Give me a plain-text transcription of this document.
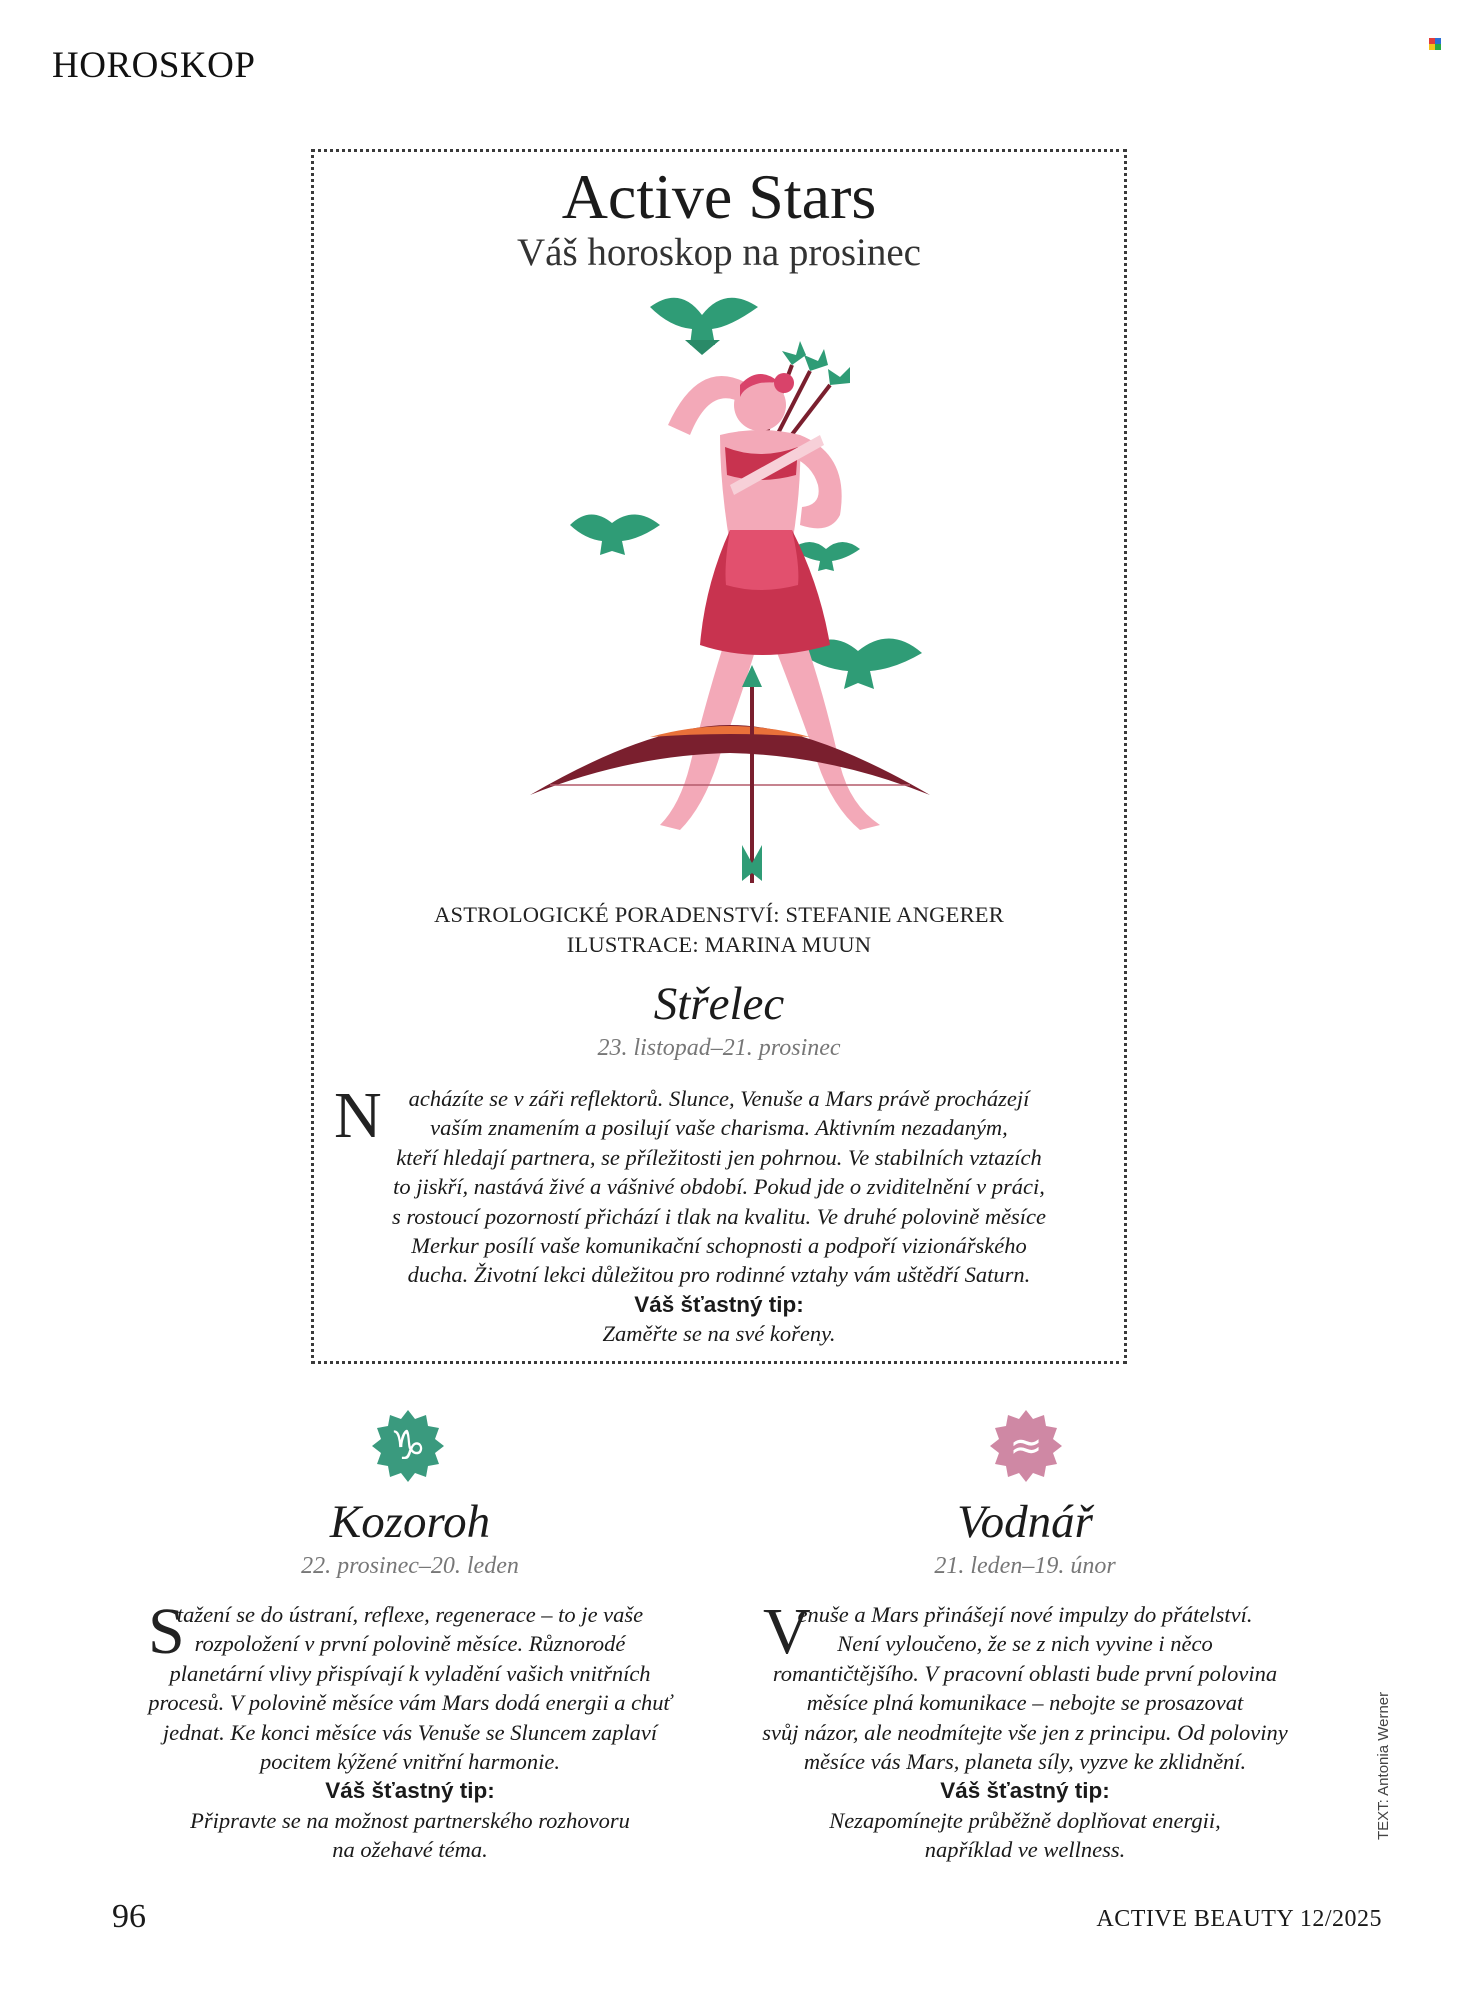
HOROSKOP
Active Stars
Váš horoskop na prosinec
ASTROLOGICKÉ PORADENSTVÍ: STEFANIE ANGERER
ILUSTRACE: MARINA MUUN
Střelec
23. listopad–21. prosinec
N	acházíte se v záři reflektorů. Slunce, Venuše a Mars právě procházejí
vaším znamením a posilují vaše charisma. Aktivním nezadaným,
kteří hledají partnera, se příležitosti jen pohrnou. Ve stabilních vztazích
to jiskří, nastává živé a vášnivé období. Pokud jde o zviditelnění v práci,
s rostoucí pozorností přichází i tlak na kvalitu. Ve druhé polovině měsíce
Merkur posílí vaše komunikační schopnosti a podpoří vizionářského
ducha. Životní lekci důležitou pro rodinné vztahy vám uštědří Saturn.
Váš šťastný tip:
Zaměřte se na své kořeny.
♑	≈
Kozoroh
22. prosinec–20. leden
S
tažení se do ústraní, reflexe, regenerace – to je vaše
rozpoložení v první polovině měsíce. Různorodé
planetární vlivy přispívají k vyladění vašich vnitřních
procesů. V polovině měsíce vám Mars dodá energii a chuť
jednat. Ke konci měsíce vás Venuše se Sluncem zaplaví
pocitem kýžené vnitřní harmonie.
Váš šťastný tip:
Připravte se na možnost partnerského rozhovoru
na ožehavé téma.
Vodnář
21. leden–19. únor
V
enuše a Mars přinášejí nové impulzy do přátelství.
Není vyloučeno, že se z nich vyvine i něco
romantičtějšího. V pracovní oblasti bude první polovina
měsíce plná komunikace – nebojte se prosazovat
svůj názor, ale neodmítejte vše jen z principu. Od poloviny
měsíce vás Mars, planeta síly, vyzve ke zklidnění.
Váš šťastný tip:
Nezapomínejte průběžně doplňovat energii,
například ve wellness.
TEXT: Antonia Werner
96	ACTIVE BEAUTY 12/2025
